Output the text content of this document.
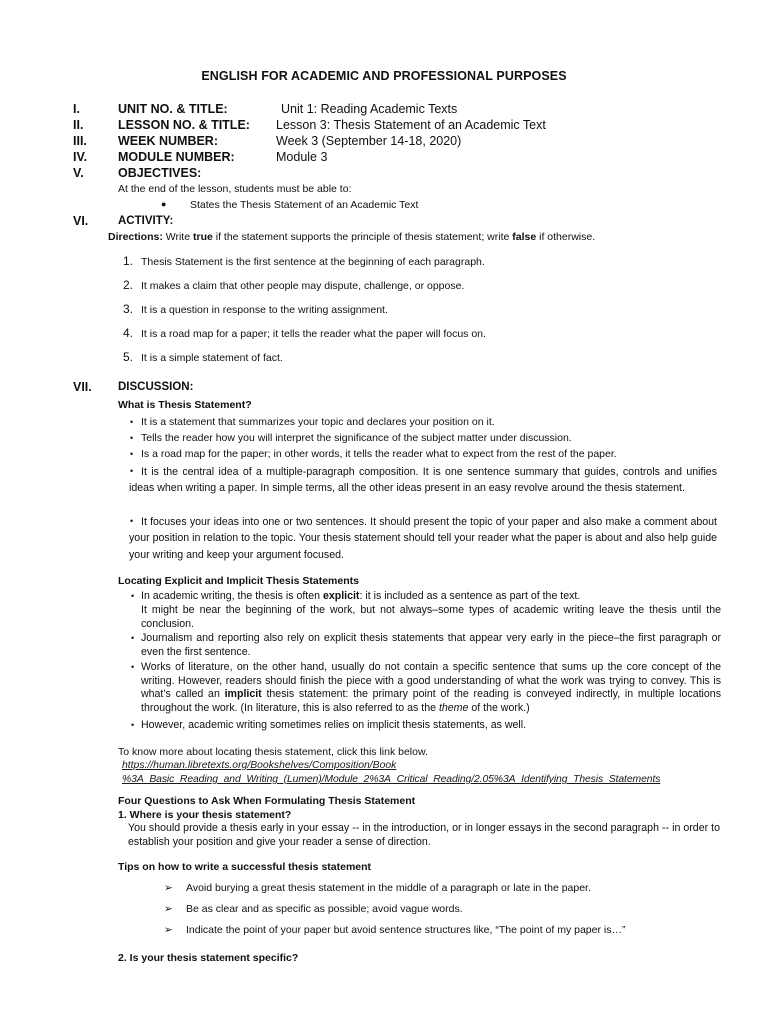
ENGLISH FOR ACADEMIC AND PROFESSIONAL PURPOSES
I.	UNIT NO. & TITLE:	Unit 1: Reading Academic Texts
II.	LESSON NO. & TITLE: Lesson 3: Thesis Statement of an Academic Text
III. WEEK NUMBER:	Week 3 (September 14-18, 2020)
IV. MODULE NUMBER:	Module 3
V.	OBJECTIVES:
At the end of the lesson, students must be able to:
● States the Thesis Statement of an Academic Text
VI.	ACTIVITY:
Directions: Write true if the statement supports the principle of thesis statement; write false if otherwise.
1. Thesis Statement is the first sentence at the beginning of each paragraph.
2. It makes a claim that other people may dispute, challenge, or oppose.
3. It is a question in response to the writing assignment.
4. It is a road map for a paper; it tells the reader what the paper will focus on.
5. It is a simple statement of fact.
VII. DISCUSSION:
What is Thesis Statement?
• It is a statement that summarizes your topic and declares your position on it.
• Tells the reader how you will interpret the significance of the subject matter under discussion.
• Is a road map for the paper; in other words, it tells the reader what to expect from the rest of the paper.
• It is the central idea of a multiple-paragraph composition. It is one sentence summary that guides, controls and unifies ideas when writing a paper. In simple terms, all the other ideas present in an easy revolve around the thesis statement.
• It focuses your ideas into one or two sentences. It should present the topic of your paper and also make a comment about your position in relation to the topic. Your thesis statement should tell your reader what the paper is about and also help guide your writing and keep your argument focused.
Locating Explicit and Implicit Thesis Statements
• In academic writing, the thesis is often explicit: it is included as a sentence as part of the text.
It might be near the beginning of the work, but not always–some types of academic writing leave the thesis until the conclusion.
• Journalism and reporting also rely on explicit thesis statements that appear very early in the piece–the first paragraph or even the first sentence.
• Works of literature, on the other hand, usually do not contain a specific sentence that sums up the core concept of the writing. However, readers should finish the piece with a good understanding of what the work was trying to convey. This is what’s called an implicit thesis statement: the primary point of the reading is conveyed indirectly, in multiple locations throughout the work. (In literature, this is also referred to as the theme of the work.)
• However, academic writing sometimes relies on implicit thesis statements, as well.
To know more about locating thesis statement, click this link below.
https://human.libretexts.org/Bookshelves/Composition/Book
%3A_Basic_Reading_and_Writing_(Lumen)/Module_2%3A_Critical_Reading/2.05%3A_Identifying_Thesis_Statements
Four Questions to Ask When Formulating Thesis Statement
1. Where is your thesis statement?
You should provide a thesis early in your essay -- in the introduction, or in longer essays in the second paragraph -- in order to establish your position and give your reader a sense of direction.
Tips on how to write a successful thesis statement
➢ Avoid burying a great thesis statement in the middle of a paragraph or late in the paper.
➢ Be as clear and as specific as possible; avoid vague words.
➢ Indicate the point of your paper but avoid sentence structures like, “The point of my paper is…”
2. Is your thesis statement specific?
